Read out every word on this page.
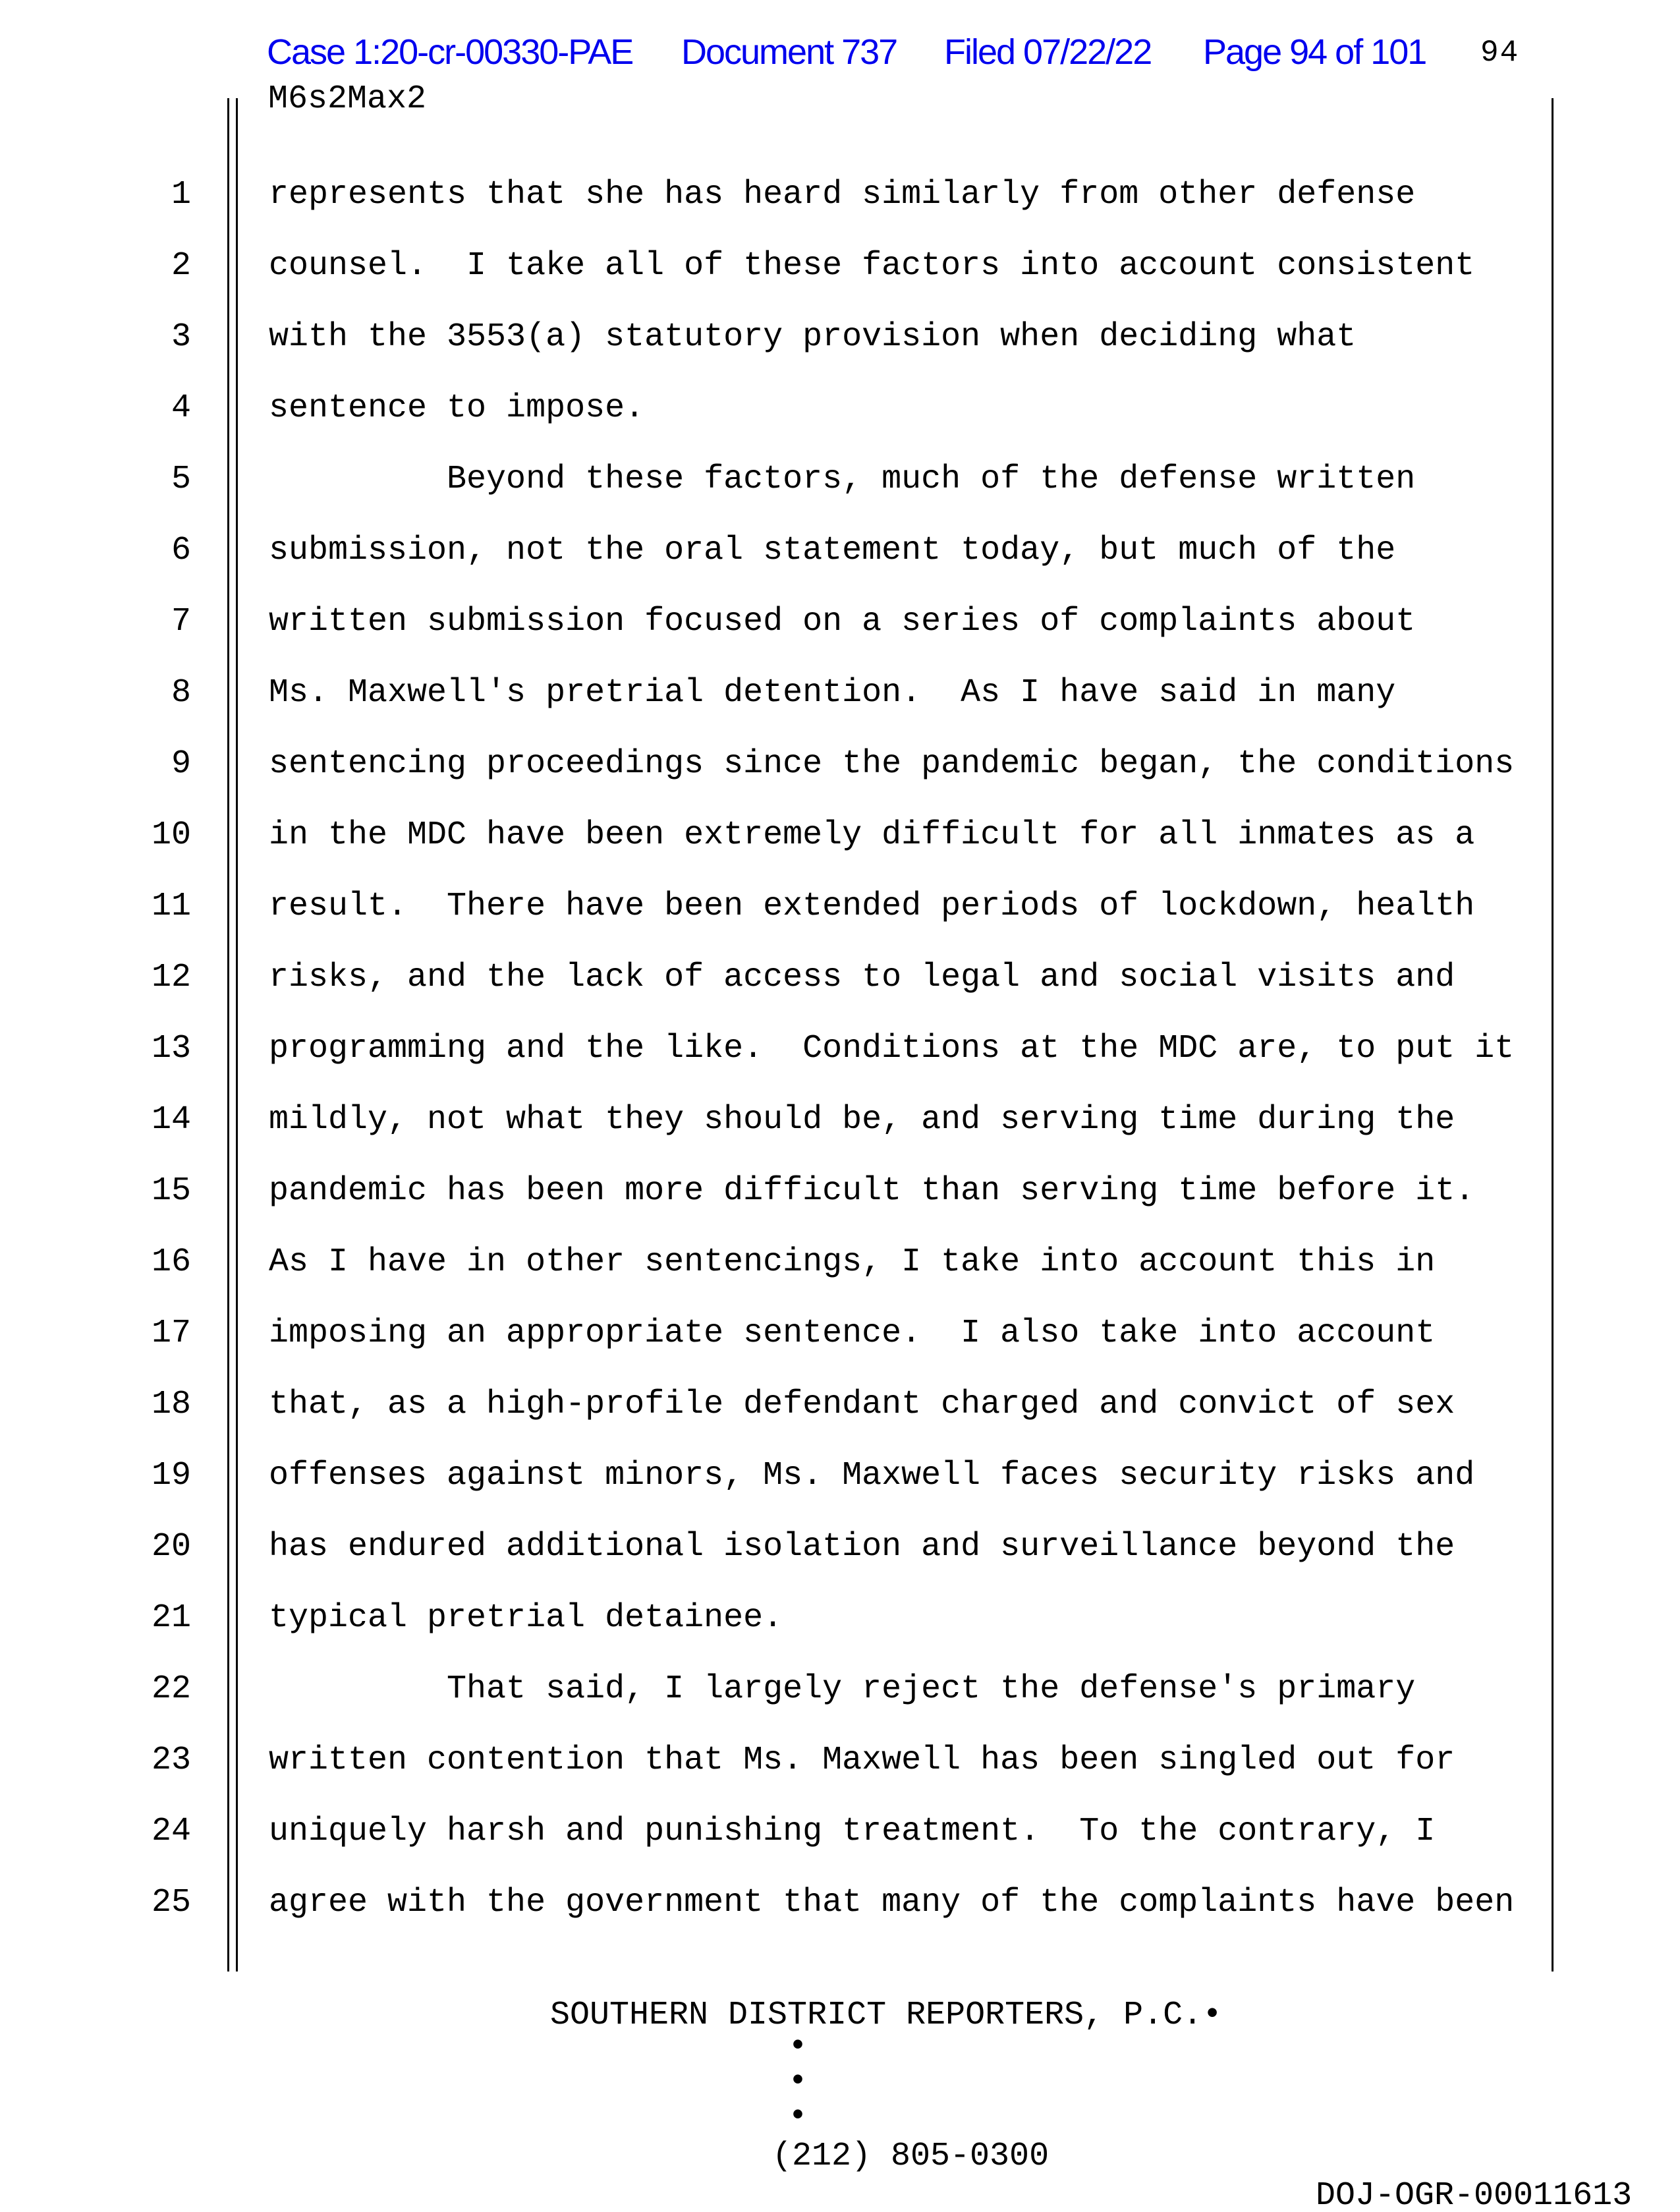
Case 1:20-cr-00330-PAE Document 737 Filed 07/22/22 Page 94 of 101 94
M6s2Max2
1 represents that she has heard similarly from other defense
2 counsel.  I take all of these factors into account consistent
3 with the 3553(a) statutory provision when deciding what
4 sentence to impose.
5 Beyond these factors, much of the defense written
6 submission, not the oral statement today, but much of the
7 written submission focused on a series of complaints about
8 Ms. Maxwell's pretrial detention.  As I have said in many
9 sentencing proceedings since the pandemic began, the conditions
10 in the MDC have been extremely difficult for all inmates as a
11 result.  There have been extended periods of lockdown, health
12 risks, and the lack of access to legal and social visits and
13 programming and the like.  Conditions at the MDC are, to put it
14 mildly, not what they should be, and serving time during the
15 pandemic has been more difficult than serving time before it.
16 As I have in other sentencings, I take into account this in
17 imposing an appropriate sentence.  I also take into account
18 that, as a high-profile defendant charged and convict of sex
19 offenses against minors, Ms. Maxwell faces security risks and
20 has endured additional isolation and surveillance beyond the
21 typical pretrial detainee.
22 That said, I largely reject the defense's primary
23 written contention that Ms. Maxwell has been singled out for
24 uniquely harsh and punishing treatment.  To the contrary, I
25 agree with the government that many of the complaints have been
SOUTHERN DISTRICT REPORTERS, P.C.•
•
•
•
(212) 805-0300
DOJ-OGR-00011613
